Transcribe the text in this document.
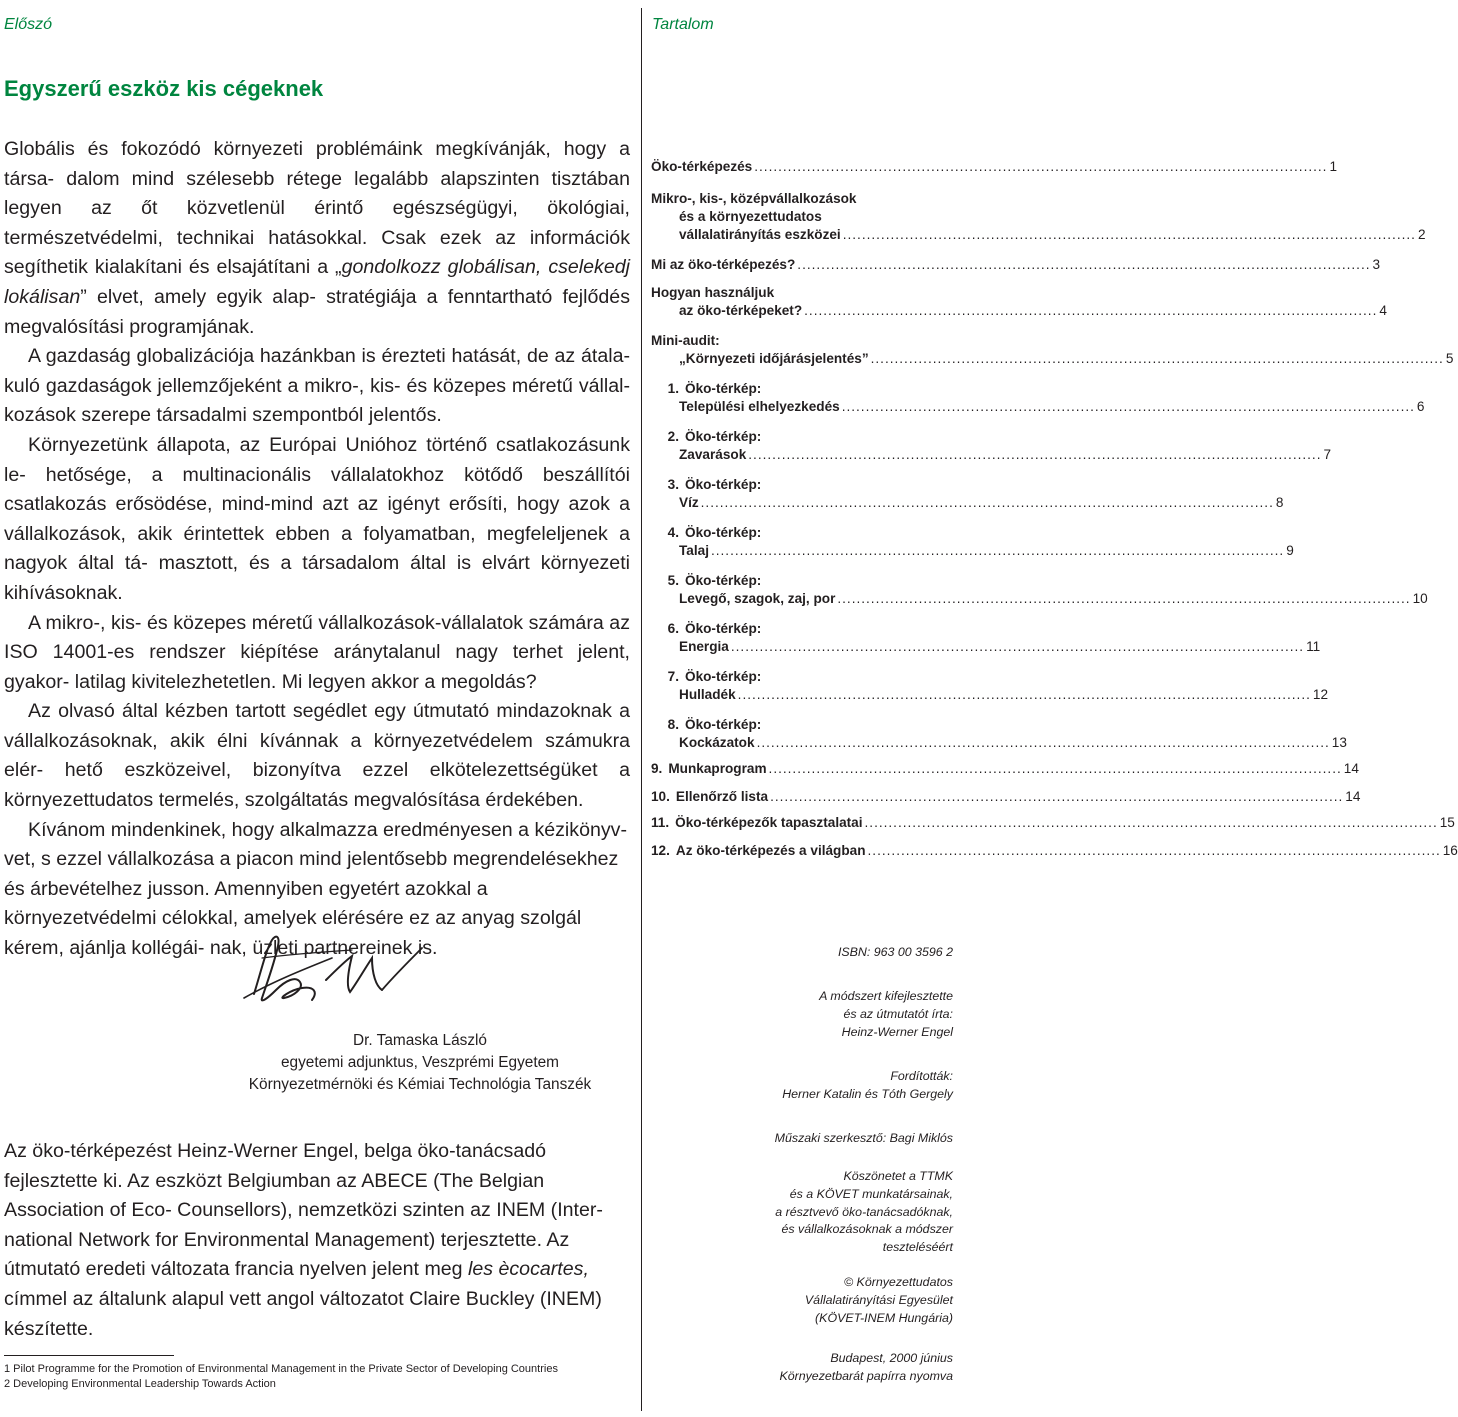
Előszó	Tartalom
Egyszerű eszköz kis cégeknek

Globális és fokozódó környezeti problémáink megkívánják, hogy a társa- dalom mind szélesebb rétege legalább alapszinten tisztában legyen az őt közvetlenül érintő egészségügyi, ökológiai, természetvédelmi, technikai hatásokkal. Csak ezek az információk segíthetik kialakítani és elsajátítani a „gondolkozz globálisan, cselekedj lokálisan” elvet, amely egyik alap- stratégiája a fenntartható fejlődés megvalósítási programjának.

A gazdaság globalizációja hazánkban is érezteti hatását, de az átala- kuló gazdaságok jellemzőjeként a mikro-, kis- és közepes méretű vállal- kozások szerepe társadalmi szempontból jelentős.

Környezetünk állapota, az Európai Unióhoz történő csatlakozásunk le- hetősége, a multinacionális vállalatokhoz kötődő beszállítói csatlakozás erősödése, mind-mind azt az igényt erősíti, hogy azok a vállalkozások, akik érintettek ebben a folyamatban, megfeleljenek a nagyok által tá- masztott, és a társadalom által is elvárt környezeti kihívásoknak.

A mikro-, kis- és közepes méretű vállalkozások-vállalatok számára az ISO 14001-es rendszer kiépítése aránytalanul nagy terhet jelent, gyakor- latilag kivitelezhetetlen. Mi legyen akkor a megoldás?

Az olvasó által kézben tartott segédlet egy útmutató mindazoknak a vállalkozásoknak, akik élni kívánnak a környezetvédelem számukra elér- hető eszközeivel, bizonyítva ezzel elkötelezettségüket a környezettudatos termelés, szolgáltatás megvalósítása érdekében.

Kívánom mindenkinek, hogy alkalmazza eredményesen a kézikönyv- vet, s ezzel vállalkozása a piacon mind jelentősebb megrendelésekhez és árbevételhez jusson. Amennyiben egyetért azokkal a környezetvédelmi célokkal, amelyek elérésére ez az anyag szolgál kérem, ajánlja kollégái- nak, üzleti partnereinek is.

Dr. Tamaska László
egyetemi adjunktus, Veszprémi Egyetem
Környezetmérnöki és Kémiai Technológia Tanszék

Az öko-térképezést Heinz-Werner Engel, belga öko-tanácsadó fejlesztette ki. Az eszközt Belgiumban az ABECE (The Belgian Association of Eco- Counsellors), nemzetközi szinten az INEM (Inter-national Network for Environmental Management) terjesztette. Az útmutató eredeti változata francia nyelven jelent meg les ècocartes, címmel az általunk alapul vett angol változatot Claire Buckley (INEM) készítette.

1 Pilot Programme for the Promotion of Environmental Management in the Private Sector of Developing Countries
2 Developing Environmental Leadership Towards Action
Öko-térképezés ........................................................................................................................ 1
Mikro-, kis-, középvállalkozások
és a környezettudatos
vállalatirányítás eszközei ........................................................................................................................ 2
Mi az öko-térképezés? ........................................................................................................................ 3
Hogyan használjuk
az öko-térképeket? ........................................................................................................................ 4
Mini-audit:
„Környezeti időjárásjelentés” ........................................................................................................................ 5
1. Öko-térkép:
Települési elhelyezkedés ........................................................................................................................ 6
2. Öko-térkép:
Zavarások ........................................................................................................................ 7
3. Öko-térkép:
Víz ........................................................................................................................ 8
4. Öko-térkép:
Talaj ........................................................................................................................ 9
5. Öko-térkép:
Levegő, szagok, zaj, por ........................................................................................................................ 10
6. Öko-térkép:
Energia ........................................................................................................................ 11
7. Öko-térkép:
Hulladék ........................................................................................................................ 12
8. Öko-térkép:
Kockázatok ........................................................................................................................ 13
9. Munkaprogram ........................................................................................................................ 14
10. Ellenőrző lista ........................................................................................................................ 14
11. Öko-térképezők tapasztalatai ........................................................................................................................ 15
12. Az öko-térképezés a világban ........................................................................................................................ 16
ISBN: 963 00 3596 2
A módszert kifejlesztette
és az útmutatót írta:
Heinz-Werner Engel
Fordították:
Herner Katalin és Tóth Gergely
Műszaki szerkesztő: Bagi Miklós
Köszönetet a TTMK
és a KÖVET munkatársainak,
a résztvevő öko-tanácsadóknak,
és vállalkozásoknak a módszer
teszteléséért
© Környezettudatos
Vállalatirányítási Egyesület
(KÖVET-INEM Hungária)
Budapest, 2000 június
Környezetbarát papírra nyomva
